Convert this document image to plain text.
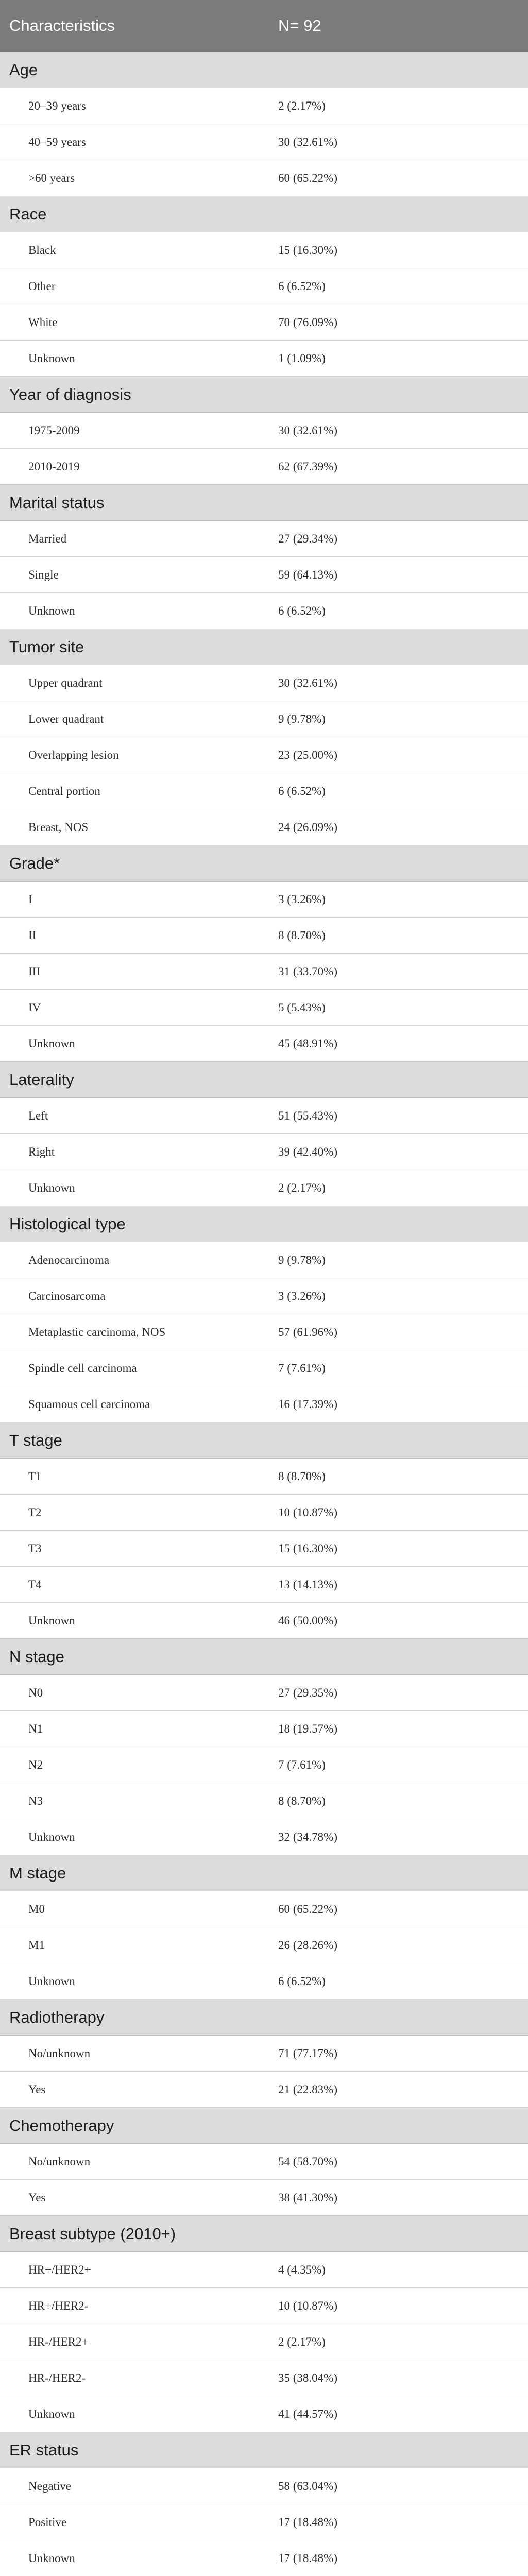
Characteristics	N= 92
Age	
20–39 years	2 (2.17%)
40–59 years	30 (32.61%)
>60 years	60 (65.22%)
Race	
Black	15 (16.30%)
Other	6 (6.52%)
White	70 (76.09%)
Unknown	1 (1.09%)
Year of diagnosis	
1975-2009	30 (32.61%)
2010-2019	62 (67.39%)
Marital status	
Married	27 (29.34%)
Single	59 (64.13%)
Unknown	6 (6.52%)
Tumor site	
Upper quadrant	30 (32.61%)
Lower quadrant	9 (9.78%)
Overlapping lesion	23 (25.00%)
Central portion	6 (6.52%)
Breast, NOS	24 (26.09%)
Grade*	
I	3 (3.26%)
II	8 (8.70%)
III	31 (33.70%)
IV	5 (5.43%)
Unknown	45 (48.91%)
Laterality	
Left	51 (55.43%)
Right	39 (42.40%)
Unknown	2 (2.17%)
Histological type	
Adenocarcinoma	9 (9.78%)
Carcinosarcoma	3 (3.26%)
Metaplastic carcinoma, NOS	57 (61.96%)
Spindle cell carcinoma	7 (7.61%)
Squamous cell carcinoma	16 (17.39%)
T stage	
T1	8 (8.70%)
T2	10 (10.87%)
T3	15 (16.30%)
T4	13 (14.13%)
Unknown	46 (50.00%)
N stage	
N0	27 (29.35%)
N1	18 (19.57%)
N2	7 (7.61%)
N3	8 (8.70%)
Unknown	32 (34.78%)
M stage	
M0	60 (65.22%)
M1	26 (28.26%)
Unknown	6 (6.52%)
Radiotherapy	
No/unknown	71 (77.17%)
Yes	21 (22.83%)
Chemotherapy	
No/unknown	54 (58.70%)
Yes	38 (41.30%)
Breast subtype (2010+)	
HR+/HER2+	4 (4.35%)
HR+/HER2-	10 (10.87%)
HR-/HER2+	2 (2.17%)
HR-/HER2-	35 (38.04%)
Unknown	41 (44.57%)
ER status	
Negative	58 (63.04%)
Positive	17 (18.48%)
Unknown	17 (18.48%)
